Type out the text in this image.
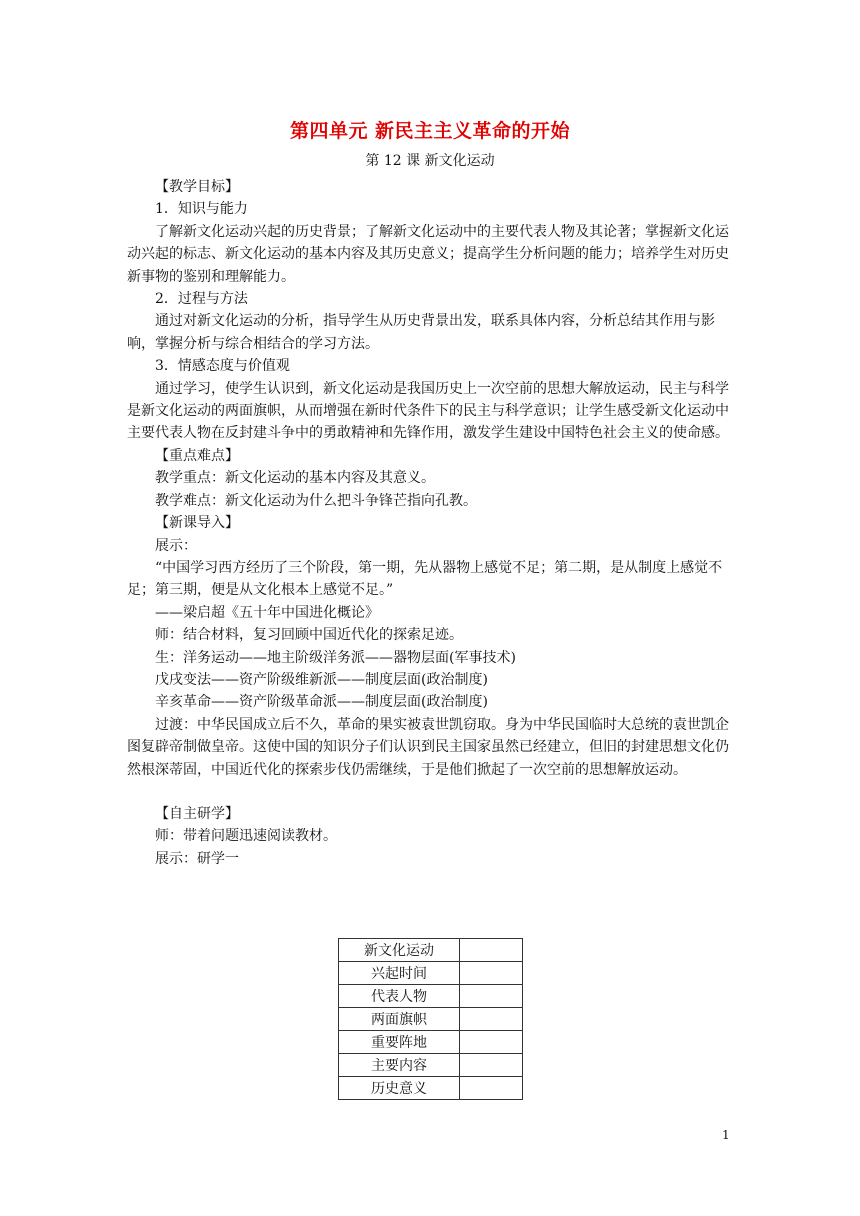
第四单元 新民主主义革命的开始
第 12 课 新文化运动

【教学目标】

1．知识与能力

了解新文化运动兴起的历史背景；了解新文化运动中的主要代表人物及其论著；掌握新文化运动兴起的标志、新文化运动的基本内容及其历史意义；提高学生分析问题的能力；培养学生对历史新事物的鉴别和理解能力。

2．过程与方法

通过对新文化运动的分析，指导学生从历史背景出发，联系具体内容，分析总结其作用与影响，掌握分析与综合相结合的学习方法。

3．情感态度与价值观

通过学习，使学生认识到，新文化运动是我国历史上一次空前的思想大解放运动，民主与科学是新文化运动的两面旗帜，从而增强在新时代条件下的民主与科学意识；让学生感受新文化运动中主要代表人物在反封建斗争中的勇敢精神和先锋作用，激发学生建设中国特色社会主义的使命感。

【重点难点】

教学重点：新文化运动的基本内容及其意义。

教学难点：新文化运动为什么把斗争锋芒指向孔教。

【新课导入】

展示：

“中国学习西方经历了三个阶段，第一期，先从器物上感觉不足；第二期，是从制度上感觉不足；第三期，便是从文化根本上感觉不足。”

——梁启超《五十年中国进化概论》

师：结合材料，复习回顾中国近代化的探索足迹。

生：洋务运动——地主阶级洋务派——器物层面(军事技术)

戊戌变法——资产阶级维新派——制度层面(政治制度)

辛亥革命——资产阶级革命派——制度层面(政治制度)

过渡：中华民国成立后不久，革命的果实被袁世凯窃取。身为中华民国临时大总统的袁世凯企图复辟帝制做皇帝。这使中国的知识分子们认识到民主国家虽然已经建立，但旧的封建思想文化仍然根深蒂固，中国近代化的探索步伐仍需继续，于是他们掀起了一次空前的思想解放运动。

【自主研学】

师：带着问题迅速阅读教材。

展示：研学一

新文化运动	
兴起时间	
代表人物	
两面旗帜	
重要阵地	
主要内容	
历史意义	
1
